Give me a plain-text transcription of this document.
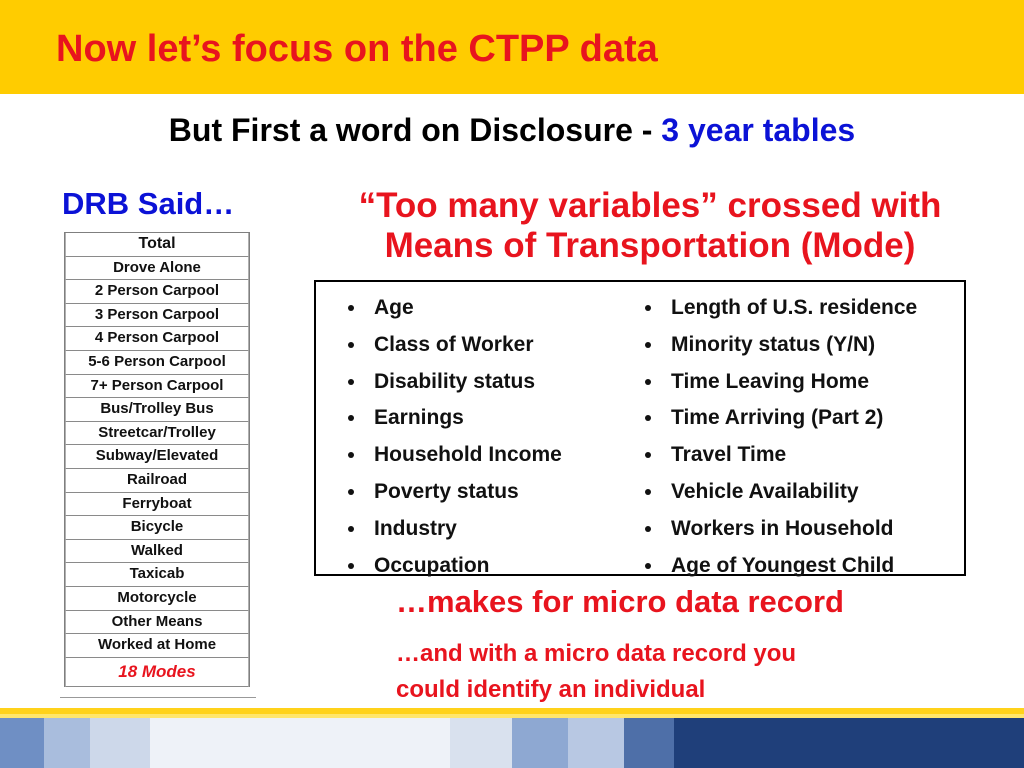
Now let’s focus on the CTPP data
But First a word on Disclosure - 3 year tables
DRB Said…	“Too many variables” crossed with
Means of Transportation (Mode)
Total
Drove Alone
2 Person Carpool
3 Person Carpool
4 Person Carpool
5-6 Person Carpool
7+ Person Carpool
Bus/Trolley Bus
Streetcar/Trolley
Subway/Elevated
Railroad
Ferryboat
Bicycle
Walked
Taxicab
Motorcycle
Other Means
Worked at Home
18 Modes
Age
Class of Worker
Disability status
Earnings
Household Income
Poverty status
Industry
Occupation
Length of U.S. residence
Minority status (Y/N)
Time Leaving Home
Time Arriving (Part 2)
Travel Time
Vehicle Availability
Workers in Household
Age of Youngest Child
…makes for micro data record
…and with a micro data record you
could identify an individual
